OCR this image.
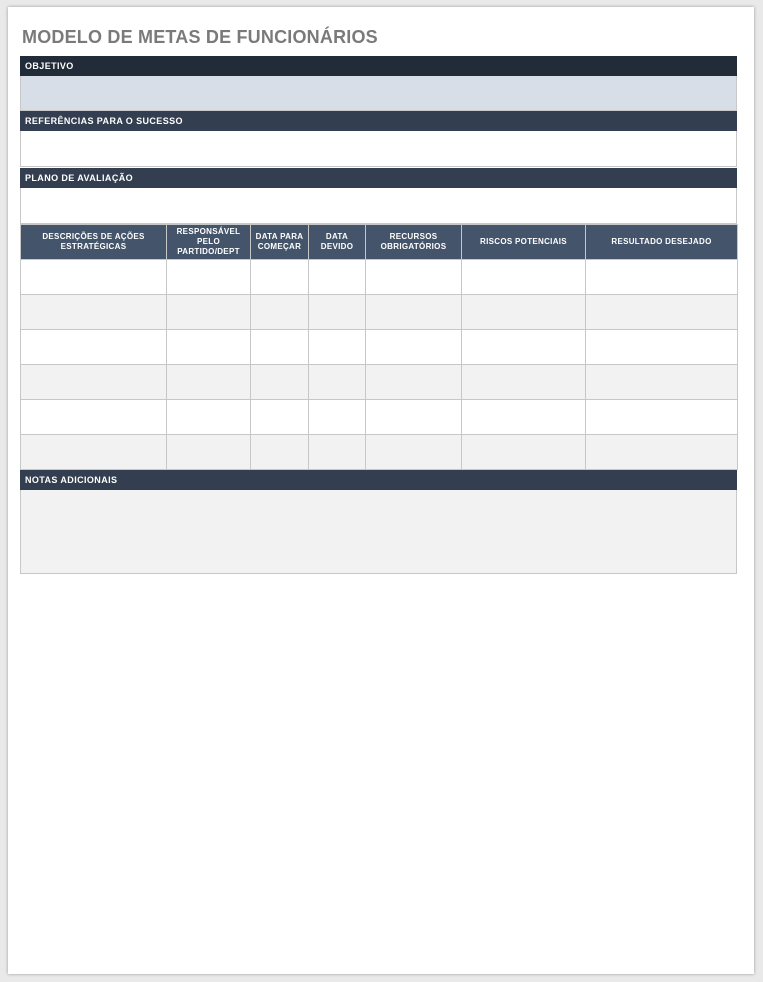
MODELO DE METAS DE FUNCIONÁRIOS
OBJETIVO
REFERÊNCIAS PARA O SUCESSO
PLANO DE AVALIAÇÃO
DESCRIÇÕES DE AÇÕES ESTRATÉGICAS	RESPONSÁVEL PELO PARTIDO/DEPT	DATA PARA COMEÇAR	DATA DEVIDO	RECURSOS OBRIGATÓRIOS	RISCOS POTENCIAIS	RESULTADO DESEJADO

NOTAS ADICIONAIS
